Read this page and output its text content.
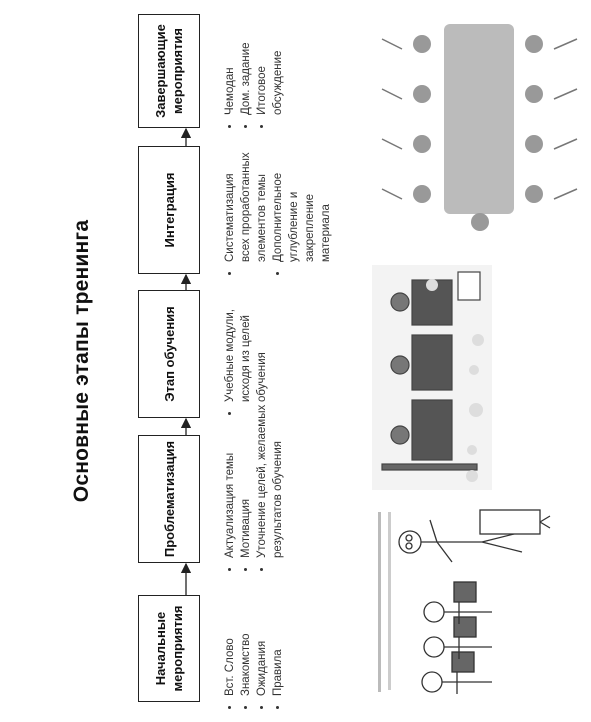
Основные этапы тренинга
Начальные мероприятия
Проблематизация
Этап обучения
Интеграция
Завершающие мероприятия
• Вст. Слово • Знакомство • Ожидания • Правила
• Актуализация темы • Мотивация • Уточнение целей, желаемых результатов обучения
• Учебные модули, исходя из целей обучения
• Систематизация всех проработанных элементов темы • Дополнительное углубление и закрепление материала
• Чемодан • Дом. задание • Итоговое обсуждение
